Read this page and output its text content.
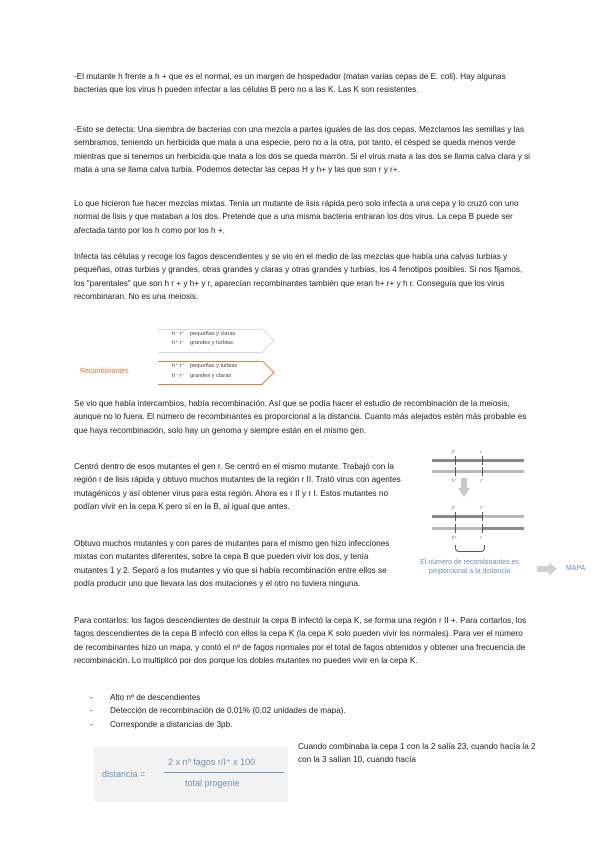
-El mutante h frente a h + que es el normal, es un margen de hospedador (matan varias cepas de E. coli). Hay algunas bacterias que los virus h pueden infectar a las células B pero no a las K. Las K son resistentes.

-Esto se detecta: Una siembra de bacterias con una mezcla a partes iguales de las dos cepas. Mezclamos las semillas y las sembramos, teniendo un herbicida que mata a una especie, pero no a la otra, por tanto, el césped se queda menos verde mientras que si tenemos un herbicida que mata a los dos se queda marrón. Si el virus mata a las dos se llama calva clara y si mata a una se llama calva turbia. Podemos detectar las cepas H y h+ y las que son r y r+.

Lo que hicieron fue hacer mezclas mixtas. Tenía un mutante de lisis rápida pero solo infecta a una cepa y lo cruzó con uno normal de lisis y que mataban a los dos. Pretende que a una misma bacteria entraran los dos virus. La cepa B puede ser afectada tanto por los h como por los h +.

Infecta las células y recoge los fagos descendientes y se vio en el medio de las mezclas que había una calvas turbias y pequeñas, otras turbias y grandes, otras grandes y claras y otras grandes y turbias, los 4 fenotipos posibles. Si nos fijamos, los "parentales" que son h r + y h+ y r, aparecían recombinantes también que eran h+ r+ y h r. Conseguía que los virus recombinaran. No es una meiosis.

h⁻ r⁺ pequeñas y claras
h⁺ r⁻ grandes y turbias
Recombinantes
h⁺ r⁺ pequeñas y turbias
h⁻ r⁻ grandes y claras

Se vio que había intercambios, había recombinación. Así que se podía hacer el estudio de recombinación de la meiosis, aunque no lo fuera. El número de recombinantes es proporcional a la distancia. Cuanto más alejados estén más probable es que haya recombinación, solo hay un genoma y siempre están en el mismo gen.

Centró dentro de esos mutantes el gen r. Se centró en el mismo mutante. Trabajó con la región r de lisis rápida y obtuvo muchos mutantes de la región r II. Trató virus con agentes mutagénicos y así obtener virus para esta región. Ahora es r II y r I. Estos mutantes no podían vivir en la cepa K pero sí en la B, al igual que antes.

Obtuvo muchos mutantes y con pares de mutantes para el mismo gen hizo infecciones mixtas con mutantes diferentes, sobre la cepa B que pueden vivir los dos, y tenía mutantes 1 y 2. Separó a los mutantes y vio que si había recombinación entre ellos se podía producir uno que llevara las dos mutaciones y el otro no tuviera ninguna.

h	r
h⁺	r⁺
h	r⁺
h⁺	r
El número de recombinantes es proporcional a la distancia	MAPA

Para contarlos: los fagos descendientes de destruir la cepa B infectó la cepa K, se forma una región r II +. Para cortarlos, los fagos descendientes de la cepa B infectó con ellos la cepa K (la cepa K solo pueden vivir los normales). Para ver el número de recombinantes hizo un mapa, y contó el nº de fagos normales por el total de fagos obtenidos y obtener una frecuencia de recombinación. Lo multiplicó por dos porque los dobles mutantes no pueden vivir en la cepa K.

- Alto nº de descendientes
- Detección de recombinación de 0,01% (0,02 unidades de mapa).
- Corresponde a distancias de 3pb.
distancia =
2 x nº fagos r/I⁺ x 100
total progenie
Cuando combinaba la cepa 1 con la 2 salía 23, cuando hacía la 2 con la 3 salían 10, cuando hacía
